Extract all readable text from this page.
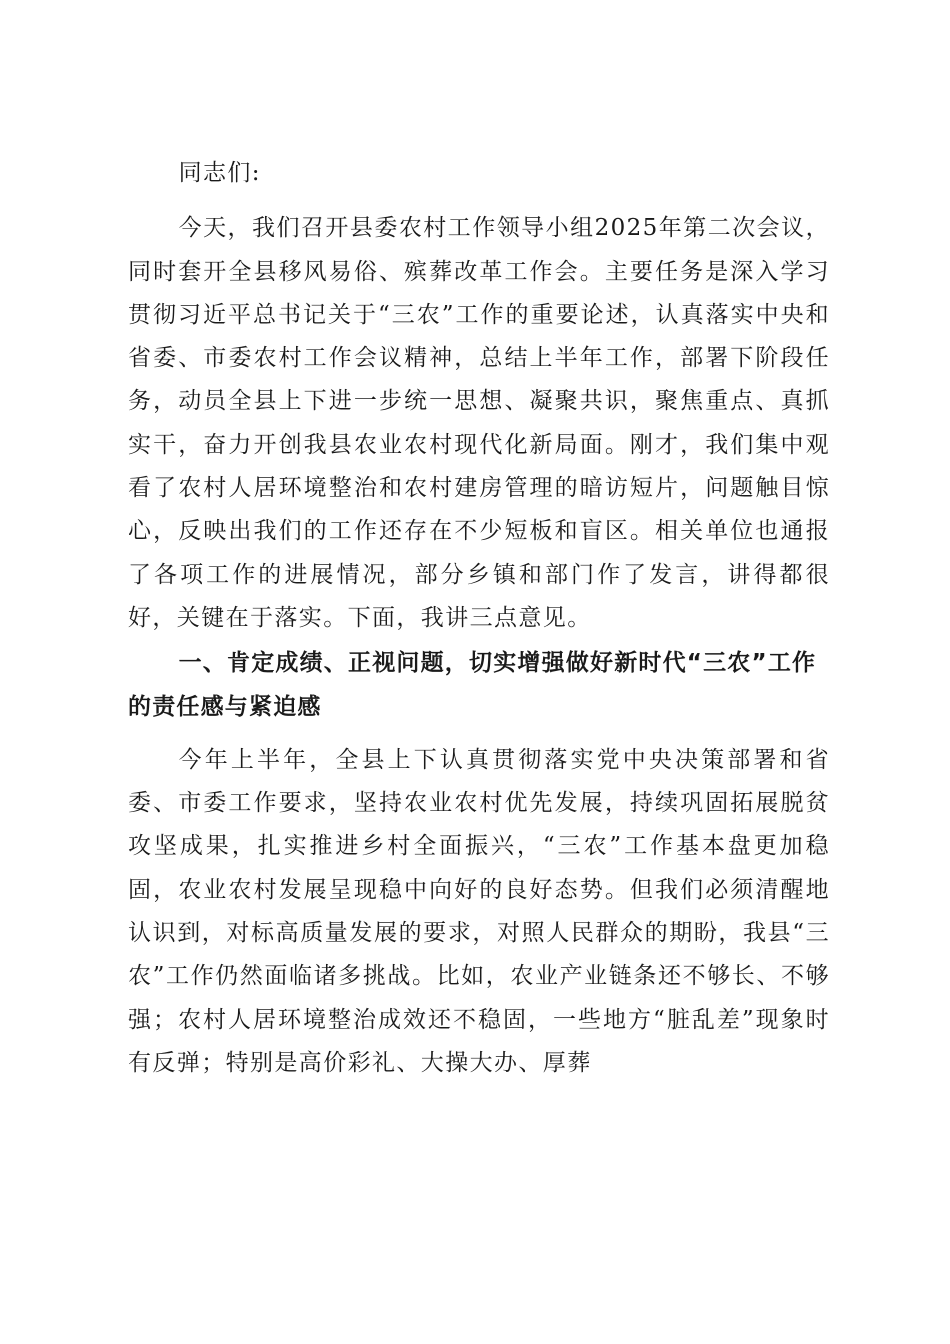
同志们:

今天，我们召开县委农村工作领导小组2025年第二次会议，同时套开全县移风易俗、殡葬改革工作会。主要任务是深入学习贯彻习近平总书记关于“三农”工作的重要论述，认真落实中央和省委、市委农村工作会议精神，总结上半年工作，部署下阶段任务，动员全县上下进一步统一思想、凝聚共识，聚焦重点、真抓实干，奋力开创我县农业农村现代化新局面。刚才，我们集中观看了农村人居环境整治和农村建房管理的暗访短片，问题触目惊心，反映出我们的工作还存在不少短板和盲区。相关单位也通报了各项工作的进展情况，部分乡镇和部门作了发言，讲得都很好，关键在于落实。下面，我讲三点意见。

一、肯定成绩、正视问题，切实增强做好新时代“三农”工作的责任感与紧迫感

今年上半年，全县上下认真贯彻落实党中央决策部署和省委、市委工作要求，坚持农业农村优先发展，持续巩固拓展脱贫攻坚成果，扎实推进乡村全面振兴，“三农”工作基本盘更加稳固，农业农村发展呈现稳中向好的良好态势。但我们必须清醒地认识到，对标高质量发展的要求，对照人民群众的期盼，我县“三农”工作仍然面临诸多挑战。比如，农业产业链条还不够长、不够强；农村人居环境整治成效还不稳固，一些地方“脏乱差”现象时有反弹；特别是高价彩礼、大操大办、厚葬
